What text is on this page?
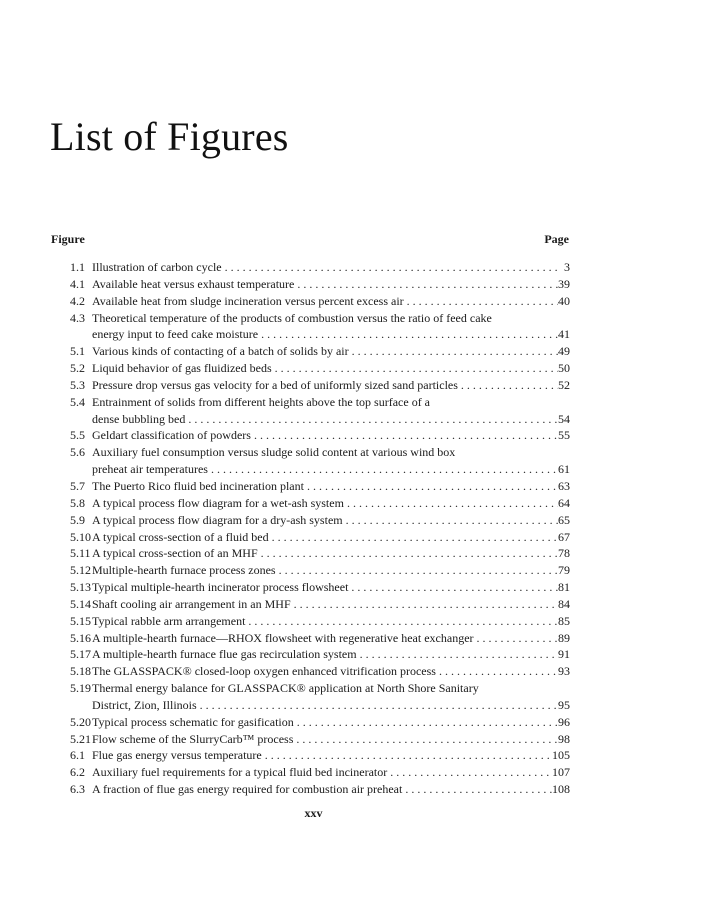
List of Figures
Figure	Page
1.1 Illustration of carbon cycle . . .	3
4.1 Available heat versus exhaust temperature . . .	39
4.2 Available heat from sludge incineration versus percent excess air . . .	40
4.3 Theoretical temperature of the products of combustion versus the ratio of feed cake
energy input to feed cake moisture . . .	41
5.1 Various kinds of contacting of a batch of solids by air . . .	49
5.2 Liquid behavior of gas fluidized beds . . .	50
5.3 Pressure drop versus gas velocity for a bed of uniformly sized sand particles . . .	52
5.4 Entrainment of solids from different heights above the top surface of a
dense bubbling bed . . .	54
5.5 Geldart classification of powders . . .	55
5.6 Auxiliary fuel consumption versus sludge solid content at various wind box
preheat air temperatures . . .	61
5.7 The Puerto Rico fluid bed incineration plant . . .	63
5.8 A typical process flow diagram for a wet-ash system . . .	64
5.9 A typical process flow diagram for a dry-ash system . . .	65
5.10 A typical cross-section of a fluid bed . . .	67
5.11 A typical cross-section of an MHF . . .	78
5.12 Multiple-hearth furnace process zones . . .	79
5.13 Typical multiple-hearth incinerator process flowsheet . . .	81
5.14 Shaft cooling air arrangement in an MHF . . .	84
5.15 Typical rabble arm arrangement . . .	85
5.16 A multiple-hearth furnace—RHOX flowsheet with regenerative heat exchanger . . .	89
5.17 A multiple-hearth furnace flue gas recirculation system . . .	91
5.18 The GLASSPACK® closed-loop oxygen enhanced vitrification process . . .	93
5.19 Thermal energy balance for GLASSPACK® application at North Shore Sanitary
District, Zion, Illinois . . .	95
5.20 Typical process schematic for gasification . . .	96
5.21 Flow scheme of the SlurryCarb™ process . . .	98
6.1 Flue gas energy versus temperature . . .	105
6.2 Auxiliary fuel requirements for a typical fluid bed incinerator . . .	107
6.3 A fraction of flue gas energy required for combustion air preheat . . .	108
xxv
